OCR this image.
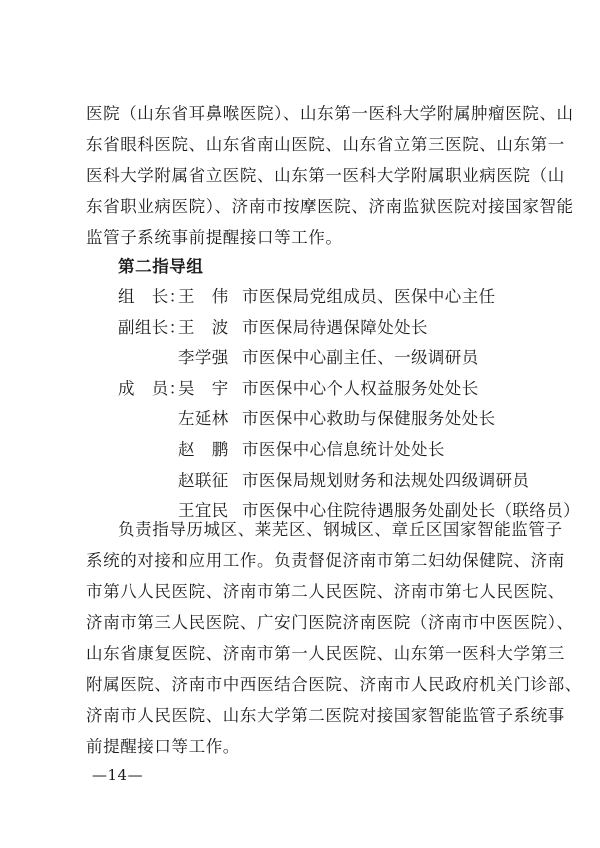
医院（山东省耳鼻喉医院）、山东第一医科大学附属肿瘤医院、山
东省眼科医院、山东省南山医院、山东省立第三医院、山东第一
医科大学附属省立医院、山东第一医科大学附属职业病医院（山
东省职业病医院）、济南市按摩医院、济南监狱医院对接国家智能
监管子系统事前提醒接口等工作。
第二指导组
组　长：
王　伟 市医保局党组成员、医保中心主任
副组长：
王　波 市医保局待遇保障处处长
李学强 市医保中心副主任、一级调研员
成　员：
吴　宇 市医保中心个人权益服务处处长
左延林 市医保中心救助与保健服务处处长
赵　鹏 市医保中心信息统计处处长
赵联征 市医保局规划财务和法规处四级调研员
王宜民 市医保中心住院待遇服务处副处长（联络员）
负责指导历城区、莱芜区、钢城区、章丘区国家智能监管子
系统的对接和应用工作。负责督促济南市第二妇幼保健院、济南
市第八人民医院、济南市第二人民医院、济南市第七人民医院、
济南市第三人民医院、广安门医院济南医院（济南市中医医院）、
山东省康复医院、济南市第一人民医院、山东第一医科大学第三
附属医院、济南市中西医结合医院、济南市人民政府机关门诊部、
济南市人民医院、山东大学第二医院对接国家智能监管子系统事
前提醒接口等工作。
—14—
